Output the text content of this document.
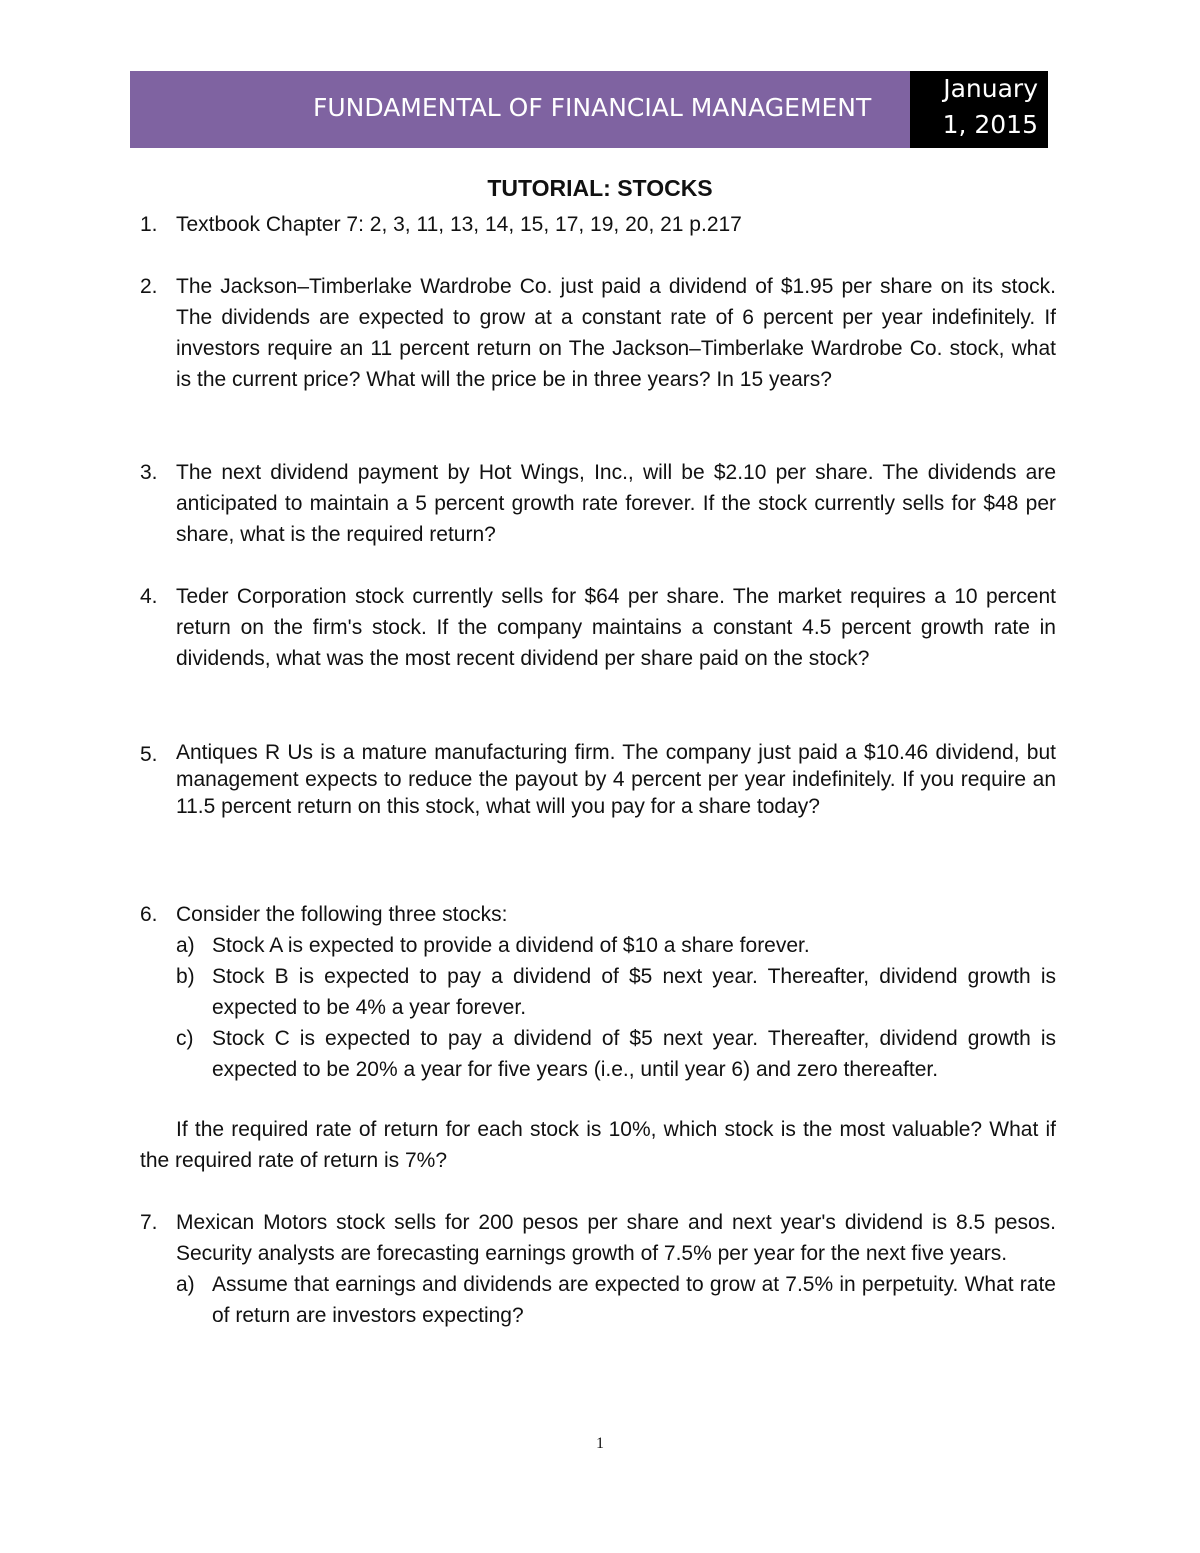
FUNDAMENTAL OF FINANCIAL MANAGEMENT
January
1, 2015
TUTORIAL: STOCKS
1. Textbook Chapter 7: 2, 3, 11, 13, 14, 15, 17, 19, 20, 21 p.217
2. The Jackson–Timberlake Wardrobe Co. just paid a dividend of $1.95 per share on its stock. The dividends are expected to grow at a constant rate of 6 percent per year indefinitely. If investors require an 11 percent return on The Jackson–Timberlake Wardrobe Co. stock, what is the current price? What will the price be in three years? In 15 years?
3. The next dividend payment by Hot Wings, Inc., will be $2.10 per share. The dividends are anticipated to maintain a 5 percent growth rate forever. If the stock currently sells for $48 per share, what is the required return?
4. Teder Corporation stock currently sells for $64 per share. The market requires a 10 percent return on the firm's stock. If the company maintains a constant 4.5 percent growth rate in dividends, what was the most recent dividend per share paid on the stock?
5. Antiques R Us is a mature manufacturing firm. The company just paid a $10.46 dividend, but management expects to reduce the payout by 4 percent per year indefinitely. If you require an 11.5 percent return on this stock, what will you pay for a share today?
6. Consider the following three stocks:
a) Stock A is expected to provide a dividend of $10 a share forever.
b) Stock B is expected to pay a dividend of $5 next year. Thereafter, dividend growth is expected to be 4% a year forever.
c) Stock C is expected to pay a dividend of $5 next year. Thereafter, dividend growth is expected to be 20% a year for five years (i.e., until year 6) and zero thereafter.
If the required rate of return for each stock is 10%, which stock is the most valuable? What if the required rate of return is 7%?
7. Mexican Motors stock sells for 200 pesos per share and next year's dividend is 8.5 pesos. Security analysts are forecasting earnings growth of 7.5% per year for the next five years.
a) Assume that earnings and dividends are expected to grow at 7.5% in perpetuity. What rate of return are investors expecting?
1
